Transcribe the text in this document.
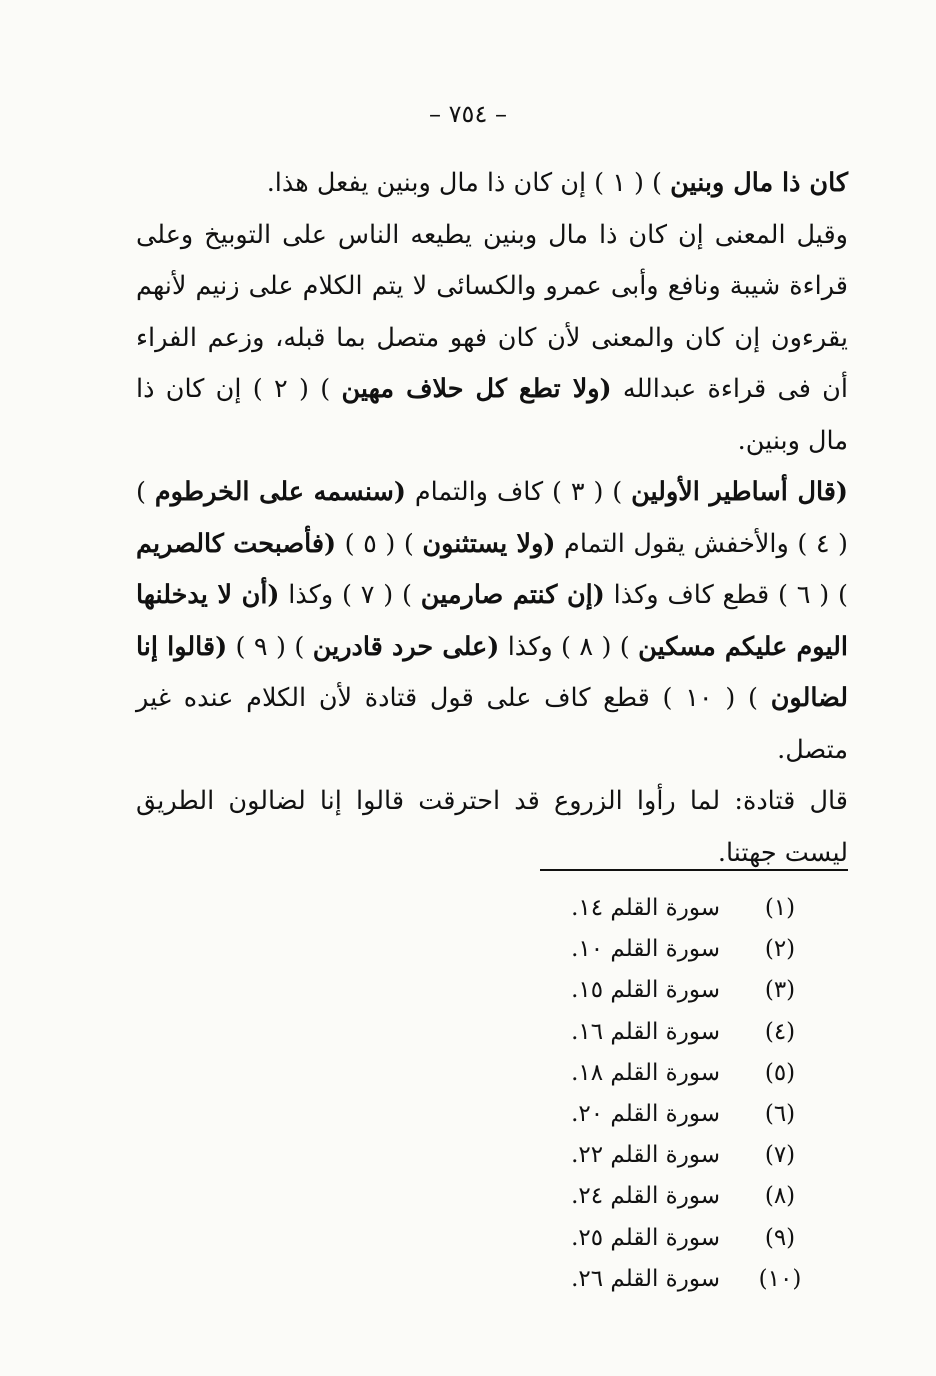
– ٧٥٤ –

كان ذا مال وبنين ) ( ١ ) إن كان ذا مال وبنين يفعل هذا.

وقيل المعنى إن كان ذا مال وبنين يطيعه الناس على التوبيخ وعلى قراءة شيبة ونافع وأبى عمرو والكسائى لا يتم الكلام على زنيم لأنهم يقرءون إن كان والمعنى لأن كان فهو متصل بما قبله، وزعم الفراء أن فى قراءة عبدالله (ولا تطع كل حلاف مهين ) ( ٢ ) إن كان ذا مال وبنين.

(قال أساطير الأولين ) ( ٣ ) كاف والتمام (سنسمه على الخرطوم ) ( ٤ ) والأخفش يقول التمام (ولا يستثنون ) ( ٥ ) (فأصبحت كالصريم ) ( ٦ ) قطع كاف وكذا (إن كنتم صارمين ) ( ٧ ) وكذا (أن لا يدخلنها اليوم عليكم مسكين ) ( ٨ ) وكذا (على حرد قادرين ) ( ٩ ) (قالوا إنا لضالون ) ( ١٠ ) قطع كاف على قول قتادة لأن الكلام عنده غير متصل.

قال قتادة: لما رأوا الزروع قد احترقت قالوا إنا لضالون الطريق ليست جهتنا.

(١)
سورة القلم ١٤.
(٢)
سورة القلم ١٠.
(٣)
سورة القلم ١٥.
(٤)
سورة القلم ١٦.
(٥)
سورة القلم ١٨.
(٦)
سورة القلم ٢٠.
(٧)
سورة القلم ٢٢.
(٨)
سورة القلم ٢٤.
(٩)
سورة القلم ٢٥.
(١٠)
سورة القلم ٢٦.
